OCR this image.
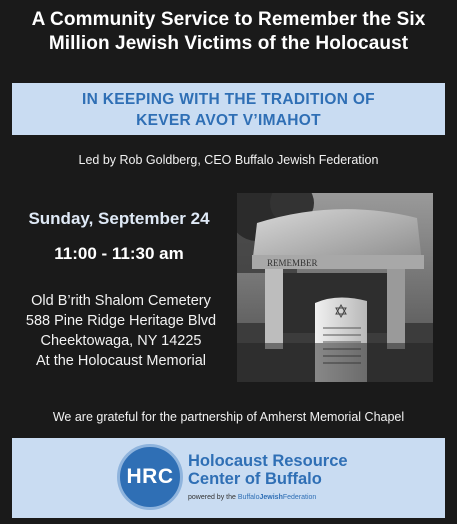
A Community Service to Remember the Six
Million Jewish Victims of the Holocaust
IN KEEPING WITH THE TRADITION OF
KEVER AVOT V’IMAHOT
Led by Rob Goldberg, CEO Buffalo Jewish Federation
Sunday, September 24
11:00 - 11:30 am
Old B’rith Shalom Cemetery
588 Pine Ridge Heritage Blvd
Cheektowaga, NY 14225
At the Holocaust Memorial
REMEMBER
We are grateful for the partnership of Amherst Memorial Chapel
HRC
Holocaust Resource
Center of Buffalo
powered by the BuffaloJewishFederation
